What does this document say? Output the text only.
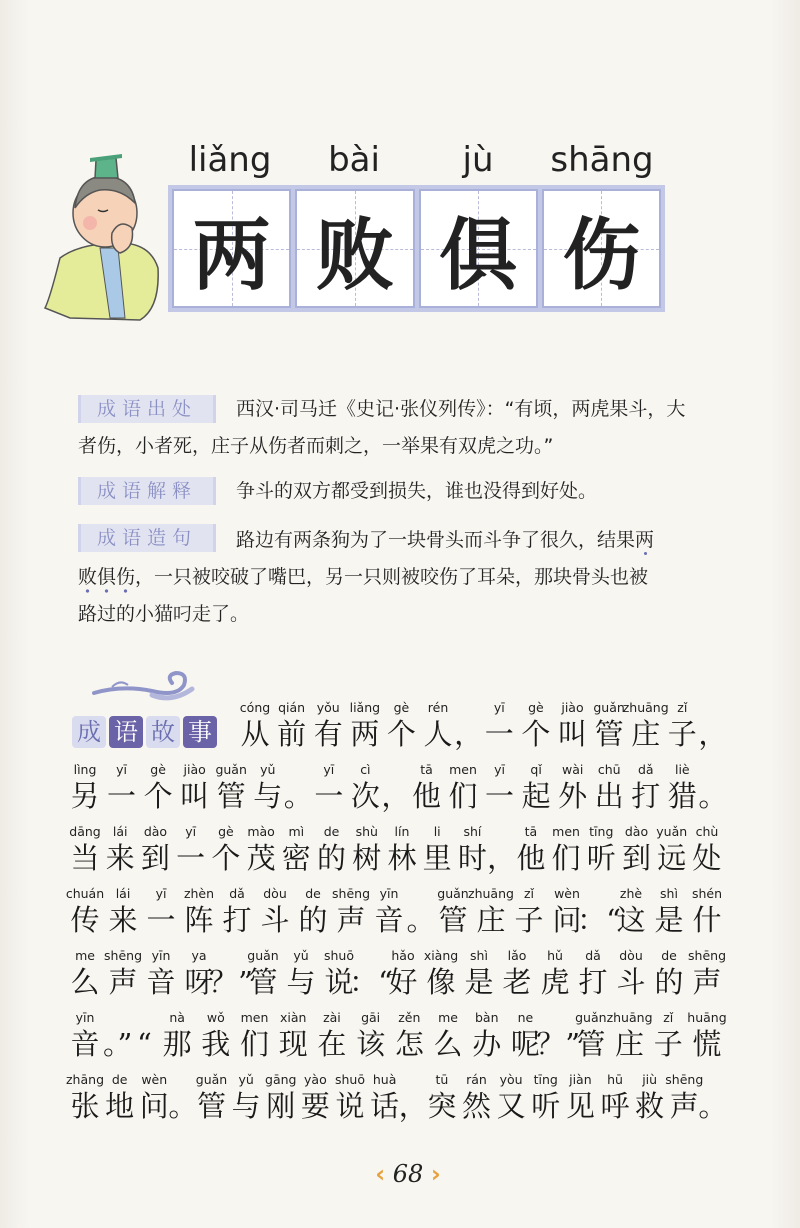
liǎng	bài	jù	shāng
两 败 俱 伤
成语出处	西汉·司马迁《史记·张仪列传》：“有顷，两虎果斗，大
者伤，小者死，庄子从伤者而刺之，一举果有双虎之功。”
成语解释	争斗的双方都受到损失，谁也没得到好处。
成语造句	路边有两条狗为了一块骨头而斗争了很久，结果两
败俱伤，一只被咬破了嘴巴，另一只则被咬伤了耳朵，那块骨头也被
路过的小猫叼走了。
成 语 故 事
cóng
从
qián
前
yǒu
有
liǎng
两
gè
个
rén
人 ，
yī
一
gè
个
jiào
叫
guǎn
管
zhuāng
庄
zǐ
子 ，
lìng
另
yī
一
gè
个
jiào
叫
guǎn
管
yǔ
与 。
yī
一
cì
次 ，
tā
他
men
们
yī
一
qǐ
起
wài
外
chū
出
dǎ
打
liè
猎 。
dāng
当
lái
来
dào
到
yī
一
gè
个
mào
茂
mì
密
de
的
shù
树
lín
林
li
里
shí
时 ，
tā
他
men
们
tīng
听
dào
到
yuǎn
远
chù
处
chuán
传
lái
来
yī
一
zhèn
阵
dǎ
打
dòu
斗
de
的
shēng
声
yīn
音 。
guǎn
管
zhuāng
庄
zǐ
子
wèn
问
：“
zhè
这
shì
是
shén
什
me
么
shēng
声
yīn
音
ya
呀
？”
guǎn
管
yǔ
与
shuō
说
：“
hǎo
好
xiàng
像
shì
是
lǎo
老
hǔ
虎
dǎ
打
dòu
斗
de
的
shēng
声
yīn
音 。” “
nà
那
wǒ
我
men
们
xiàn
现
zài
在
gāi
该
zěn
怎
me
么
bàn
办
ne
呢
？”
guǎn
管
zhuāng
庄
zǐ
子
huāng
慌
zhāng
张
de
地
wèn
问 。
guǎn
管
yǔ
与
gāng
刚
yào
要
shuō
说
huà
话 ，
tū
突
rán
然
yòu
又
tīng
听
jiàn
见
hū
呼
jiù
救
shēng
声 。
‹ 68 ›
